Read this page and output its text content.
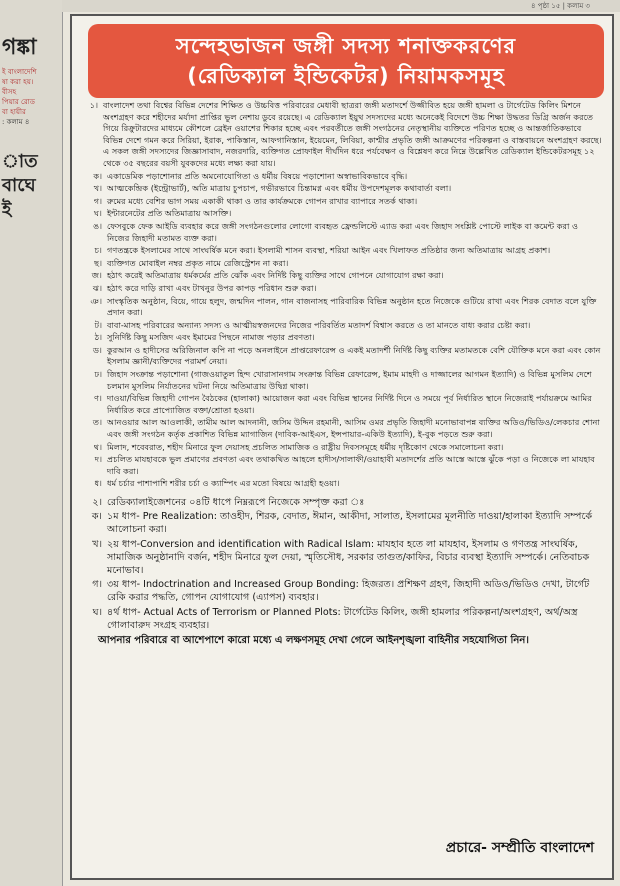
গঙ্কা
ই বাংলাদেশি
ষা করা হয়।
বীসহ
পিয়ার রোড
বা হায়ীর
: কলাম ৪
াত
বাঘে
ই
৪ পৃষ্ঠা ১৫ | কলাম ৩
সন্দেহভাজন জঙ্গী সদস্য শনাক্তকরণের
(রেডিক্যাল ইন্ডিকেটর) নিয়ামকসমূহ
১। বাংলাদেশ তথা বিশ্বের বিভিন্ন দেশের শিক্ষিত ও উচ্চবিত্ত পরিবারের মেধাবী ছাত্ররা জঙ্গী মতাদর্শে উজ্জীবিত হয়ে জঙ্গী হামলা ও টার্গেটেড কিলিং মিশনে অংশগ্রহণ করে শহীদের মর্যাদা প্রাপ্তির ভুল নেশায় ডুবে রয়েছে। এ রেডিক্যাল ইয়ুথ সদস্যদের মধ্যে অনেকেই বিদেশে উচ্চ শিক্ষা উদ্ধতর ডিগ্রি অর্জন করতে গিয়ে রিক্রুটারদের মাধ্যমে কৌশলে ব্রেইন ওয়াশের শিকার হচ্ছে এবং পরবর্তীতে জঙ্গী সংগঠনের নেতৃস্থানীয় ব্যক্তিতে পরিণত হচ্ছে ও আন্তর্জাতিকভাবে বিভিন্ন দেশে গমন করে সিরিয়া, ইরাক, পাকিস্তান, আফগানিস্তান, ইয়েমেন, লিবিয়া, কাশ্মীর প্রভৃতি জঙ্গী আক্রমণের পরিকল্পনা ও বাস্তবায়নে অংশগ্রহণ করছে। এ সকল জঙ্গী সদস্যদের জিজ্ঞাসাবাদ, নজরদারি, ব্যক্তিগত প্রোফাইল দীর্ঘদিন ধরে পর্যবেক্ষণ ও বিশ্লেষণ করে নিম্নে উল্লেখিত রেডিক্যাল ইন্ডিকেটরসমূহ ১২ থেকে ৩৫ বছরের বয়সী যুবকদের মধ্যে লক্ষ্য করা যায়।
ক। একাডেমিক পড়াশোনার প্রতি অমনোযোগিতা ও ধর্মীয় বিষয়ে পড়াশোনা অস্বাভাবিকভাবে বৃদ্ধি।
খ। আত্মকেন্দ্রিক (ইন্ট্রোভার্ট), অতি মাত্রায় চুপচাপ, গভীরভাবে চিন্তামগ্ন এবং ধর্মীয় উপদেশমূলক কথাবার্তা বলা।
গ। রুমের মধ্যে বেশির ভাগ সময় একাকী থাকা ও তার কার্যক্রমকে গোপন রাখার ব্যাপারে সতর্ক থাকা।
ঘ। ইন্টারনেটের প্রতি অতিমাত্রায় আসক্তি।
ঙ। ফেসবুকে ফেক আইডি ব্যবহার করে জঙ্গী সংগঠনগুলোর লোগো ব্যবহৃত ফ্রেন্ডলিস্টে এ্যাড করা এবং জিহাদ সংশ্লিষ্ট পোস্টে লাইক বা কমেন্ট করা ও নিজের জিহাদী মতামত ব্যক্ত করা।
চ। গণতন্ত্রকে ইসলামের সাথে সাংঘর্ষিক মনে করা। ইসলামী শাসন ব্যবস্থা, শরিয়া আইন এবং খিলাফত প্রতিষ্ঠার জন্য অতিমাত্রায় আগ্রহ প্রকাশ।
ছ। ব্যক্তিগত মোবাইল নম্বর প্রকৃত নামে রেজিস্ট্রেশন না করা।
জ। হঠাৎ করেই অতিমাত্রায় ধর্মকর্মের প্রতি ঝোঁক এবং নির্দিষ্ট কিছু ব্যক্তির সাথে গোপনে যোগাযোগ রক্ষা করা।
ঝ। হঠাৎ করে দাড়ি রাখা এবং টাখনুর উপর কাপড় পরিধান শুরু করা।
ঞ। সাংস্কৃতিক অনুষ্ঠান, বিয়ে, গায়ে হলুদ, জন্মদিন পালন, গান বাজনাসহ পারিবারিক বিভিন্ন অনুষ্ঠান হতে নিজেকে গুটিয়ে রাখা এবং শিরক বেদাত বলে যুক্তি প্রদান করা।
ট। বাবা-মাসহ পরিবারের অন্যান্য সদস্য ও আত্মীয়স্বজনদের নিজের পরিবর্তিত মতাদর্শ বিশ্বাস করতে ও তা মানতে বাধ্য করার চেষ্টা করা।
ঠ। সুনির্দিষ্ট কিছু মসজিদ এবং ইমামের পিছনে নামাজ পড়ার প্রবণতা।
ড। কুরআন ও হাদীসের অরিজিনাল কপি না পড়ে অনলাইনে প্রাপ্তরেফারেন্স ও একই মতাদর্শী নির্দিষ্ট কিছু ব্যক্তির মতামতকে বেশি যৌক্তিক মনে করা এবং কোন ইসলাম জ্ঞানী/ব্যক্তিদের পরামর্শ নেয়া।
ঢ। জিহাদ সংক্রান্ত পড়াশোনা (গাজওয়াতুল হিন্দ খোরাসানগাম সংক্রান্ত বিভিন্ন রেফারেন্স, ইমাম মাহদী ও দাজ্জালের আগমন ইত্যাদি) ও বিভিন্ন মুসলিম দেশে চলমান মুসলিম নির্যাতনের ঘটনা নিয়ে অতিমাত্রায় উদ্বিগ্ন থাকা।
ণ। দাওয়া/বিভিন্ন জিহাদী গোপন বৈঠকের (হালাকা) আয়োজন করা এবং বিভিন্ন স্থানের নির্দিষ্ট দিনে ও সময়ে পূর্ব নির্ধারিত স্থানে নিজেরাই পর্যায়ক্রমে আমির নির্ধারিত করে প্রাপ্যোজিত বক্তা/শ্রোতা হওয়া।
ত। আনওয়ার আল আওলাকী, তামীম আল আদনানী, জসিম উদ্দিন রহমানী, আসিম ওমর প্রভৃতি জিহাদী মনোভাবাপন্ন ব্যক্তির অডিও/ভিডিও/লেকচার শোনা এবং জঙ্গী সংগঠন কর্তৃক প্রকাশিত বিভিন্ন ম্যাগাজিন (দাবিক-আইএস, ইন্সপায়ার-একিউ ইত্যাদি), ই-বুক পড়তে শুরু করা।
থ। মিলাদ, শবেবরাত, শহীদ মিনারে ফুল দেয়াসহ প্রচলিত সামাজিক ও রাষ্ট্রীয় দিবসসমূহে ধর্মীয় দৃষ্টিকোণ থেকে সমালোচনা করা।
দ। প্রচলিত মাযহাবকে ভুল প্রমাণের প্রবণতা এবং তথাকথিত আহলে হাদীস/সালাফী/ওয়াহাবী মতাদর্শের প্রতি আস্তে আস্তে ঝুঁকে পড়া ও নিজেকে লা মাযহাব দাবি করা।
ধ। ধর্ম চর্চার পাশাপাশি শরীর চর্চা ও ক্যাম্পিং এর মতো বিষয়ে আগ্রহী হওয়া।
২। রেডিক্যালাইজেশনের ০৪টি ধাপে নিম্নরূপে নিজেকে সম্পৃক্ত করা ঃ
ক। ১ম ধাপ- Pre Realization: তাওহীদ, শিরক, বেদাত, ঈমান, আকীদা, সালাত, ইসলামের মূলনীতি দাওয়া/হালাকা ইত্যাদি সম্পর্কে আলোচনা করা।
খ। ২য় ধাপ-Conversion and identification with Radical Islam: মাযহাব হতে লা মাযহাব, ইসলাম ও গণতন্ত্র সাংঘর্ষিক, সামাজিক অনুষ্ঠানাদি বর্জন, শহীদ মিনারে ফুল দেয়া, স্মৃতিসৌধ, সরকার তাগুত/কাফির, বিচার ব্যবস্থা ইত্যাদি সম্পর্কে। নেতিবাচক মনোভাব।
গ। ৩য় ধাপ- Indoctrination and Increased Group Bonding: হিজরত। প্রশিক্ষণ গ্রহণ, জিহাদী অডিও/ভিডিও দেখা, টার্গেট রেকি করার পদ্ধতি, গোপন যোগাযোগ (এ্যাপস) ব্যবহার।
ঘ। ৪র্থ ধাপ- Actual Acts of Terrorism or Planned Plots: টার্গেটেড কিলিং, জঙ্গী হামলার পরিকল্পনা/অংশগ্রহণ, অর্থ/অস্ত্র গোলাবারুদ সংগ্রহ ব্যবহার।
আপনার পরিবারে বা আশেপাশে কারো মধ্যে এ লক্ষণসমূহ দেখা গেলে আইনশৃঙ্খলা বাহিনীর সহযোগিতা নিন।
প্রচারে- সম্প্রীতি বাংলাদেশ
